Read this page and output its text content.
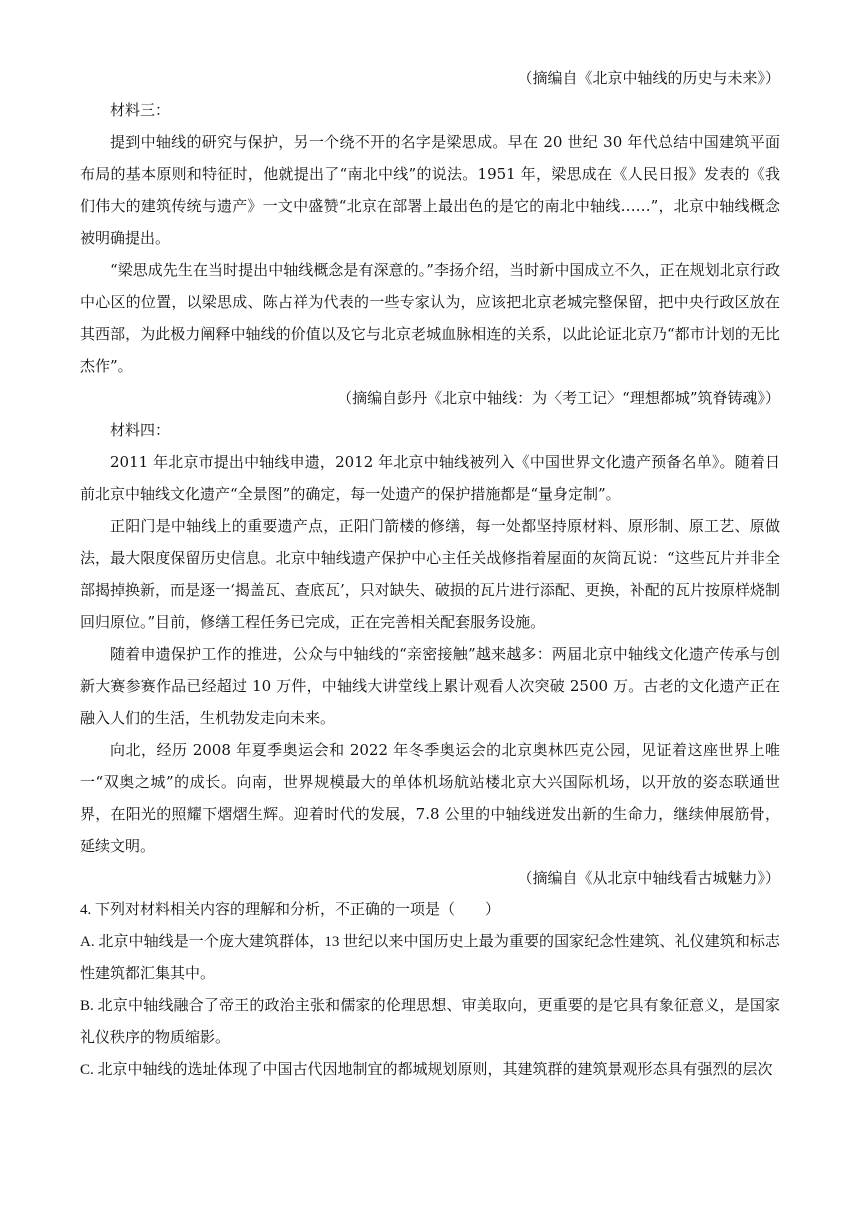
（摘编自《北京中轴线的历史与未来》）

材料三：

提到中轴线的研究与保护，另一个绕不开的名字是梁思成。早在 20 世纪 30 年代总结中国建筑平面布局的基本原则和特征时，他就提出了“南北中线”的说法。1951 年，梁思成在《人民日报》发表的《我们伟大的建筑传统与遗产》一文中盛赞“北京在部署上最出色的是它的南北中轴线……”，北京中轴线概念被明确提出。

“梁思成先生在当时提出中轴线概念是有深意的。”李扬介绍，当时新中国成立不久，正在规划北京行政中心区的位置，以梁思成、陈占祥为代表的一些专家认为，应该把北京老城完整保留，把中央行政区放在其西部，为此极力阐释中轴线的价值以及它与北京老城血脉相连的关系，以此论证北京乃“都市计划的无比杰作”。

（摘编自彭丹《北京中轴线：为〈考工记〉“理想都城”筑脊铸魂》）

材料四：

2011 年北京市提出中轴线申遗，2012 年北京中轴线被列入《中国世界文化遗产预备名单》。随着日前北京中轴线文化遗产“全景图”的确定，每一处遗产的保护措施都是“量身定制”。

正阳门是中轴线上的重要遗产点，正阳门箭楼的修缮，每一处都坚持原材料、原形制、原工艺、原做法，最大限度保留历史信息。北京中轴线遗产保护中心主任关战修指着屋面的灰筒瓦说：“这些瓦片并非全部揭掉换新，而是逐一‘揭盖瓦、查底瓦’，只对缺失、破损的瓦片进行添配、更换，补配的瓦片按原样烧制回归原位。”目前，修缮工程任务已完成，正在完善相关配套服务设施。

随着申遗保护工作的推进，公众与中轴线的“亲密接触”越来越多：两届北京中轴线文化遗产传承与创新大赛参赛作品已经超过 10 万件，中轴线大讲堂线上累计观看人次突破 2500 万。古老的文化遗产正在融入人们的生活，生机勃发走向未来。

向北，经历 2008 年夏季奥运会和 2022 年冬季奥运会的北京奥林匹克公园，见证着这座世界上唯一“双奥之城”的成长。向南，世界规模最大的单体机场航站楼北京大兴国际机场，以开放的姿态联通世界，在阳光的照耀下熠熠生辉。迎着时代的发展，7.8 公里的中轴线迸发出新的生命力，继续伸展筋骨，延续文明。

（摘编自《从北京中轴线看古城魅力》）

4. 下列对材料相关内容的理解和分析，不正确的一项是（　　）

A. 北京中轴线是一个庞大建筑群体，13 世纪以来中国历史上最为重要的国家纪念性建筑、礼仪建筑和标志性建筑都汇集其中。

B. 北京中轴线融合了帝王的政治主张和儒家的伦理思想、审美取向，更重要的是它具有象征意义，是国家礼仪秩序的物质缩影。

C. 北京中轴线的选址体现了中国古代因地制宜的都城规划原则，其建筑群的建筑景观形态具有强烈的层次
